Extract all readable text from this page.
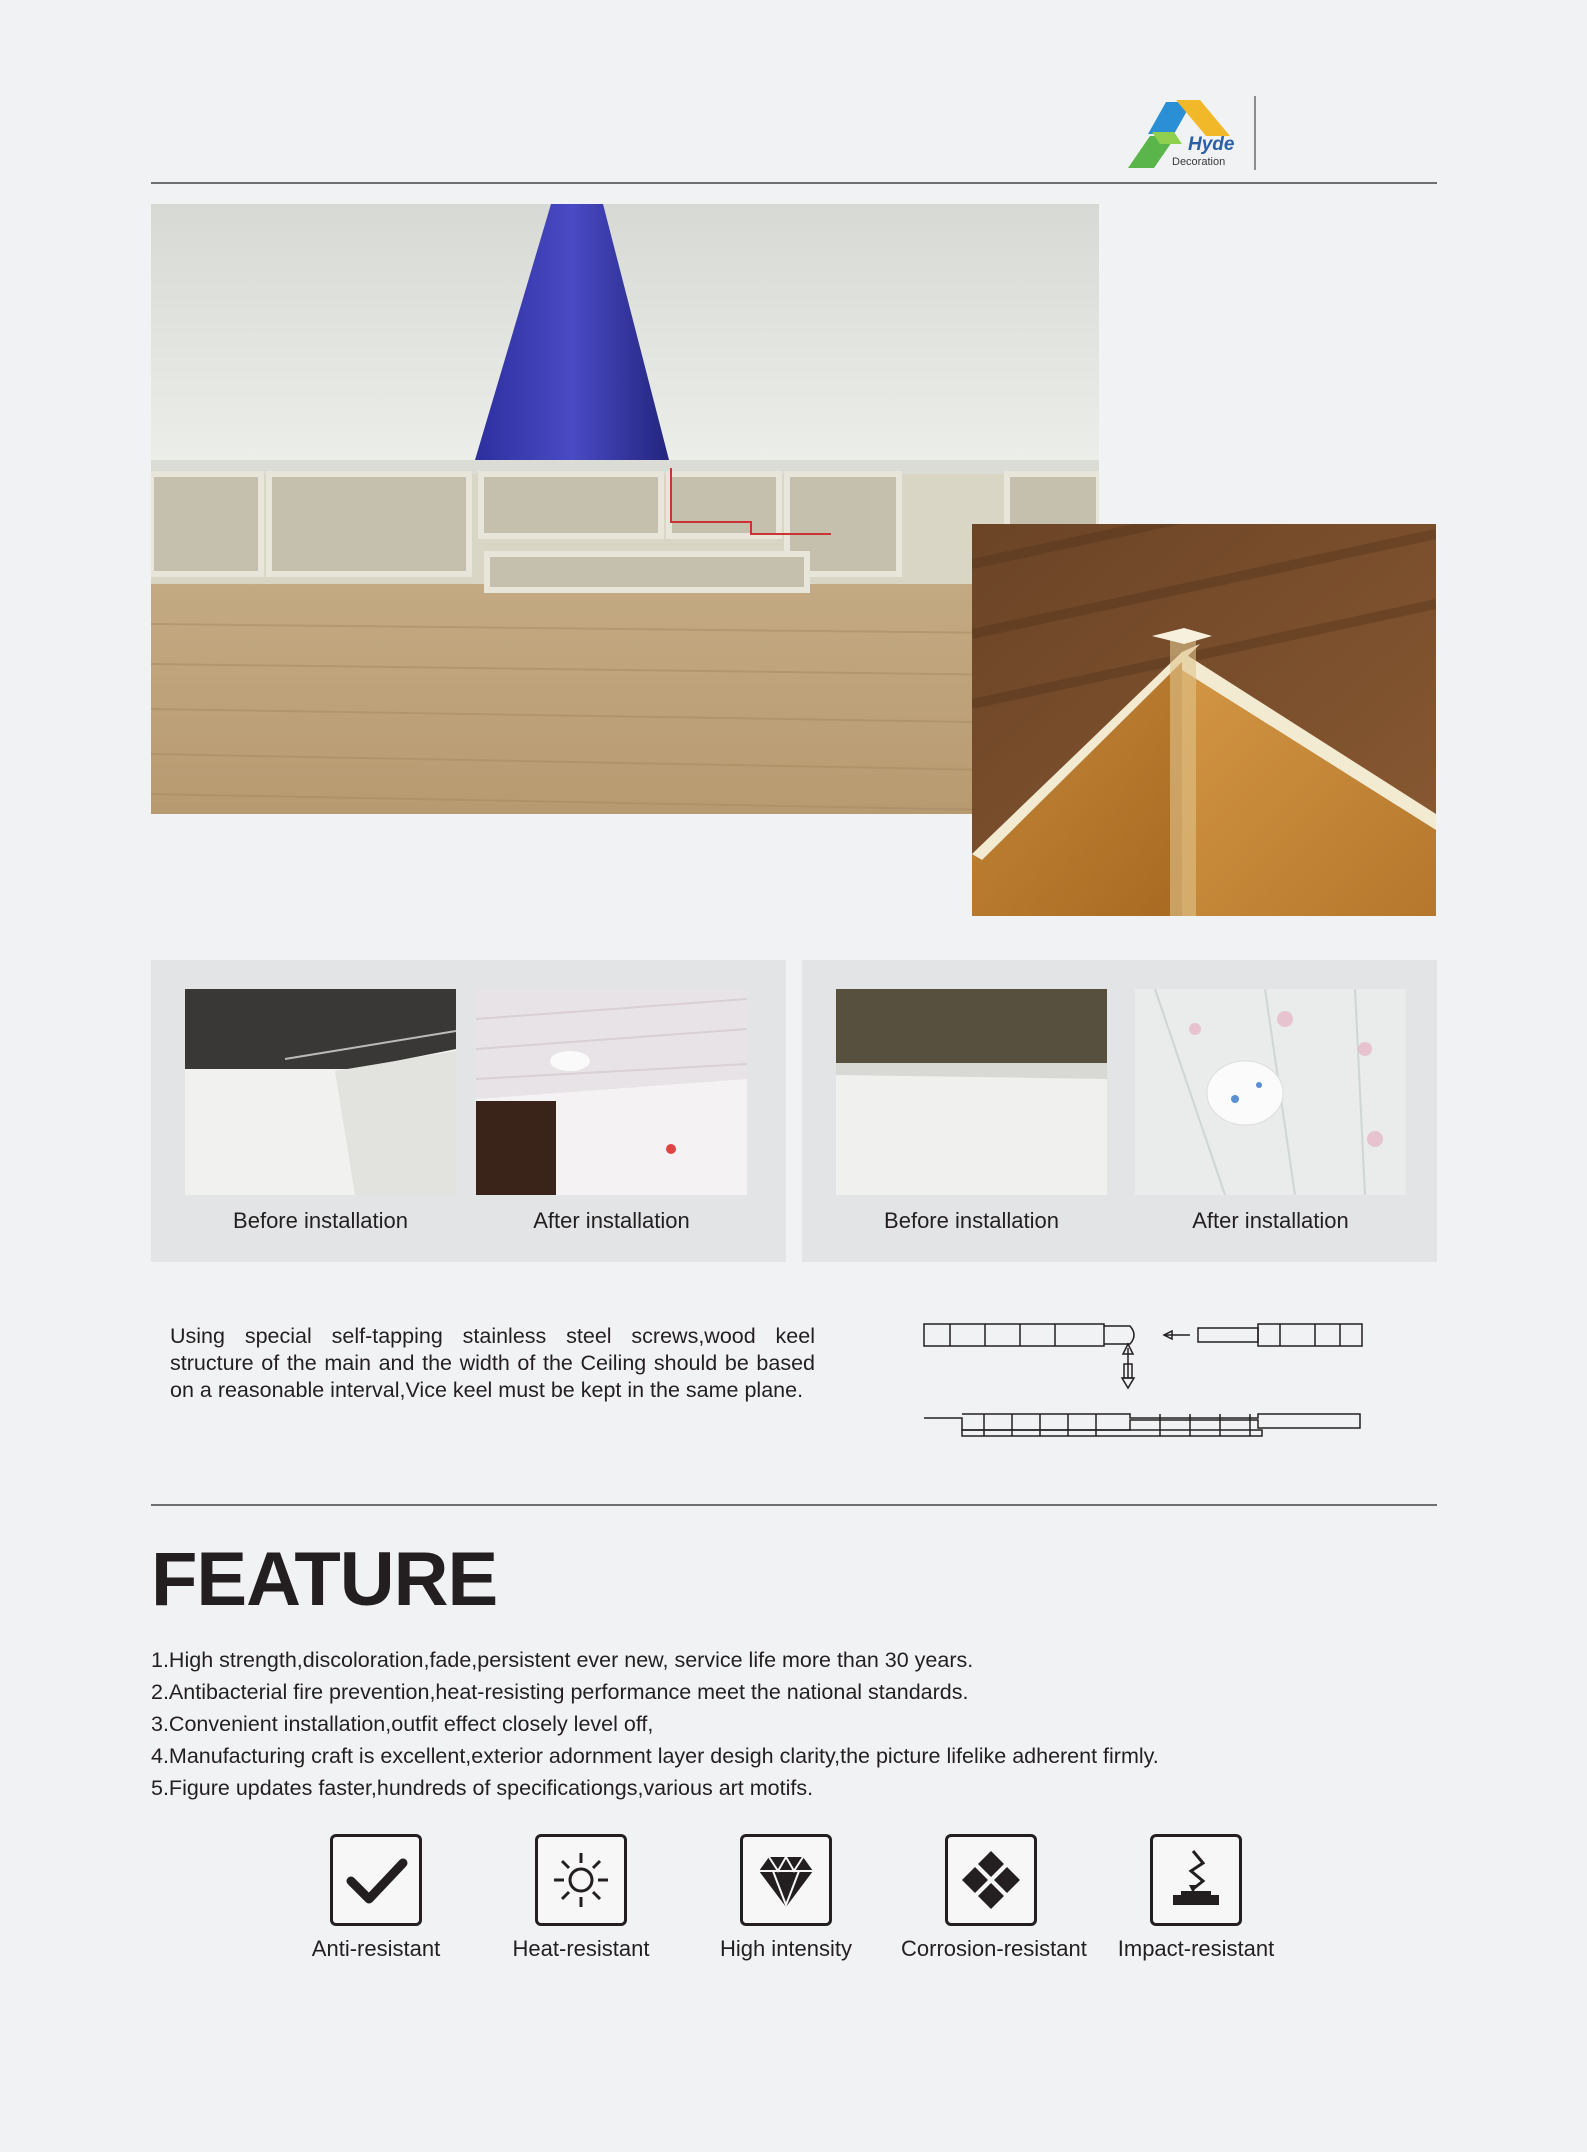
Hyde
Decoration
Before installation	After installation	Before installation	After installation
Using special self-tapping stainless steel screws,wood keel structure of the main and the width of the Ceiling should be based on a reasonable interval,Vice keel must be kept in the same plane.
FEATURE
1.High strength,discoloration,fade,persistent ever new, service life more than 30 years.
2.Antibacterial fire prevention,heat-resisting performance meet the national standards.
3.Convenient installation,outfit effect closely level off,
4.Manufacturing craft is excellent,exterior adornment layer desigh clarity,the picture lifelike adherent firmly.
5.Figure updates faster,hundreds of specificationgs,various art motifs.
Anti-resistant	Heat-resistant	High intensity	Corrosion-resistant	Impact-resistant
